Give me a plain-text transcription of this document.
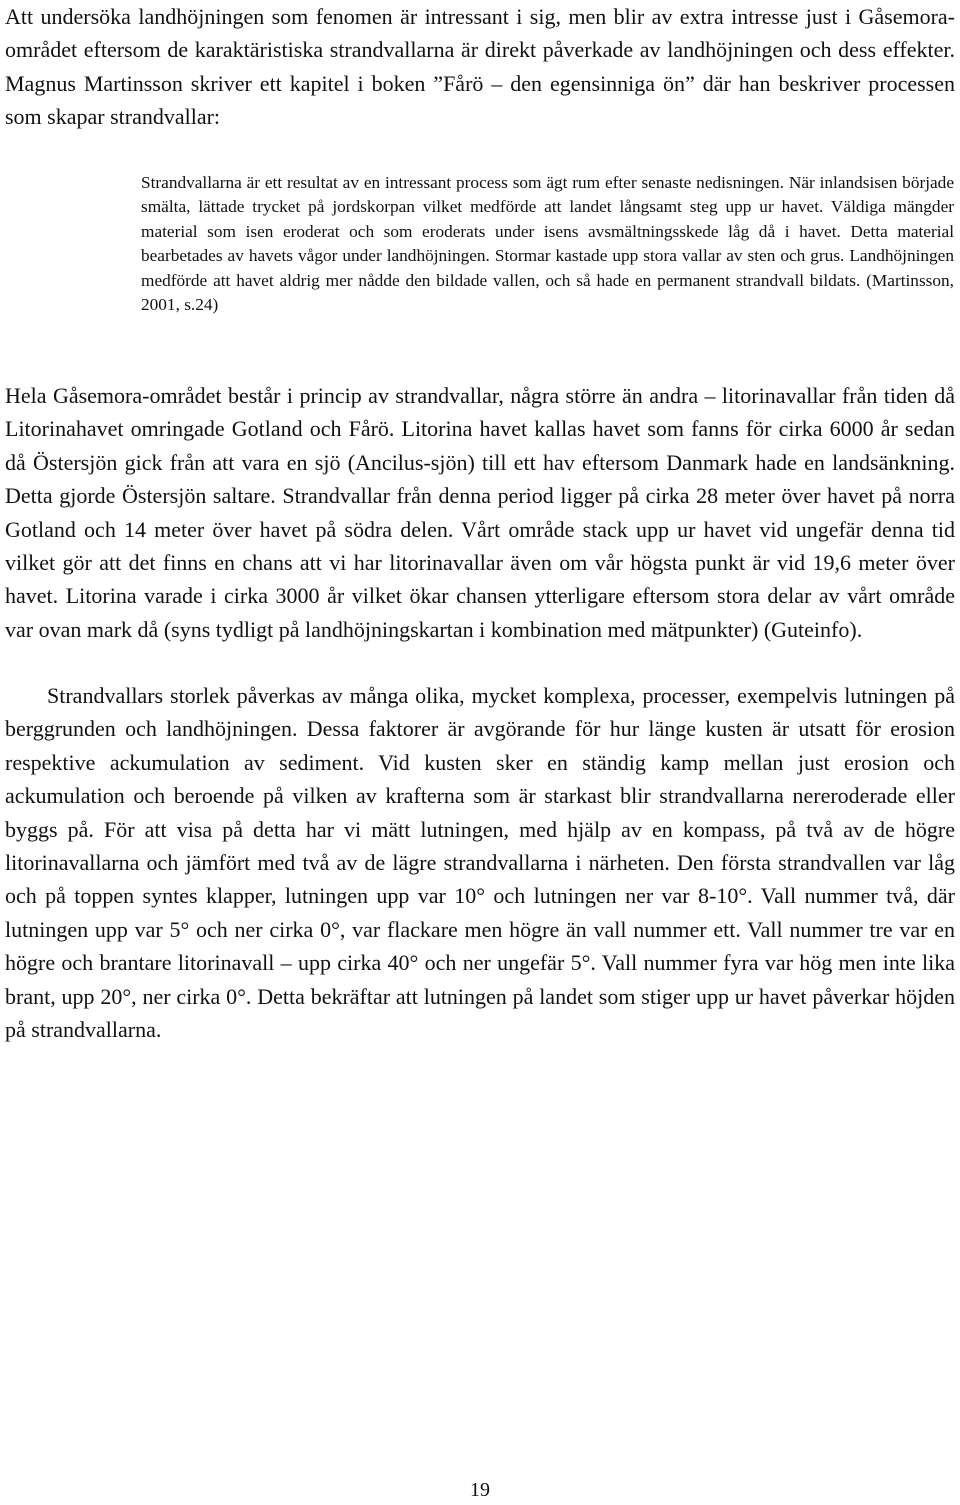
Att undersöka landhöjningen som fenomen är intressant i sig, men blir av extra intresse just i Gåsemora-området eftersom de karaktäristiska strandvallarna är direkt påverkade av landhöjningen och dess effekter. Magnus Martinsson skriver ett kapitel i boken ”Fårö – den egensinniga ön” där han beskriver processen som skapar strandvallar:

Strandvallarna är ett resultat av en intressant process som ägt rum efter senaste nedisningen. När inlandsisen började smälta, lättade trycket på jordskorpan vilket medförde att landet långsamt steg upp ur havet. Väldiga mängder material som isen eroderat och som eroderats under isens avsmältningsskede låg då i havet. Detta material bearbetades av havets vågor under landhöjningen. Stormar kastade upp stora vallar av sten och grus. Landhöjningen medförde att havet aldrig mer nådde den bildade vallen, och så hade en permanent strandvall bildats. (Martinsson, 2001, s.24)

Hela Gåsemora-området består i princip av strandvallar, några större än andra – litorinavallar från tiden då Litorinahavet omringade Gotland och Fårö. Litorina havet kallas havet som fanns för cirka 6000 år sedan då Östersjön gick från att vara en sjö (Ancilus-sjön) till ett hav eftersom Danmark hade en landsänkning. Detta gjorde Östersjön saltare. Strandvallar från denna period ligger på cirka 28 meter över havet på norra Gotland och 14 meter över havet på södra delen. Vårt område stack upp ur havet vid ungefär denna tid vilket gör att det finns en chans att vi har litorinavallar även om vår högsta punkt är vid 19,6 meter över havet. Litorina varade i cirka 3000 år vilket ökar chansen ytterligare eftersom stora delar av vårt område var ovan mark då (syns tydligt på landhöjningskartan i kombination med mätpunkter) (Guteinfo).

Strandvallars storlek påverkas av många olika, mycket komplexa, processer, exempelvis lutningen på berggrunden och landhöjningen. Dessa faktorer är avgörande för hur länge kusten är utsatt för erosion respektive ackumulation av sediment. Vid kusten sker en ständig kamp mellan just erosion och ackumulation och beroende på vilken av krafterna som är starkast blir strandvallarna nereroderade eller byggs på. För att visa på detta har vi mätt lutningen, med hjälp av en kompass, på två av de högre litorinavallarna och jämfört med två av de lägre strandvallarna i närheten. Den första strandvallen var låg och på toppen syntes klapper, lutningen upp var 10° och lutningen ner var 8-10°. Vall nummer två, där lutningen upp var 5° och ner cirka 0°, var flackare men högre än vall nummer ett. Vall nummer tre var en högre och brantare litorinavall – upp cirka 40° och ner ungefär 5°. Vall nummer fyra var hög men inte lika brant, upp 20°, ner cirka 0°. Detta bekräftar att lutningen på landet som stiger upp ur havet påverkar höjden på strandvallarna.

19
